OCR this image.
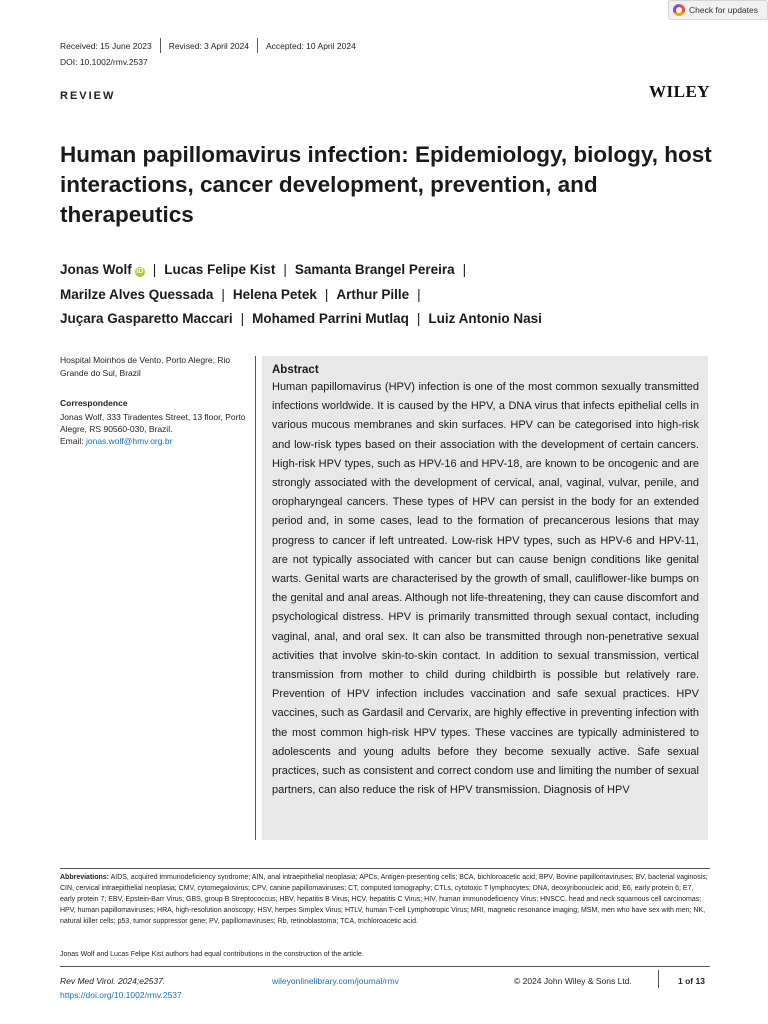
Check for updates
Received: 15 June 2023 Revised: 3 April 2024 Accepted: 10 April 2024
DOI: 10.1002/rmv.2537
REVIEW	WILEY
Human papillomavirus infection: Epidemiology, biology, host interactions, cancer development, prevention, and therapeutics
Jonas Wolf iD | Lucas Felipe Kist | Samanta Brangel Pereira |
Marilze Alves Quessada | Helena Petek | Arthur Pille |
Juçara Gasparetto Maccari | Mohamed Parrini Mutlaq | Luiz Antonio Nasi
Hospital Moinhos de Vento, Porto Alegre, Rio Grande do Sul, Brazil
Correspondence
Jonas Wolf, 333 Tiradentes Street, 13 floor, Porto Alegre, RS 90560-030, Brazil.
Email: jonas.wolf@hmv.org.br
Abstract
Human papillomavirus (HPV) infection is one of the most common sexually transmitted infections worldwide. It is caused by the HPV, a DNA virus that infects epithelial cells in various mucous membranes and skin surfaces. HPV can be categorised into high-risk and low-risk types based on their association with the development of certain cancers. High-risk HPV types, such as HPV-16 and HPV-18, are known to be oncogenic and are strongly associated with the development of cervical, anal, vaginal, vulvar, penile, and oropharyngeal cancers. These types of HPV can persist in the body for an extended period and, in some cases, lead to the formation of precancerous lesions that may progress to cancer if left untreated. Low-risk HPV types, such as HPV-6 and HPV-11, are not typically associated with cancer but can cause benign conditions like genital warts. Genital warts are characterised by the growth of small, cauliflower-like bumps on the genital and anal areas. Although not life-threatening, they can cause discomfort and psychological distress. HPV is primarily transmitted through sexual contact, including vaginal, anal, and oral sex. It can also be transmitted through non-penetrative sexual activities that involve skin-to-skin contact. In addition to sexual transmission, vertical transmission from mother to child during childbirth is possible but relatively rare. Prevention of HPV infection includes vaccination and safe sexual practices. HPV vaccines, such as Gardasil and Cervarix, are highly effective in preventing infection with the most common high-risk HPV types. These vaccines are typically administered to adolescents and young adults before they become sexually active. Safe sexual practices, such as consistent and correct condom use and limiting the number of sexual partners, can also reduce the risk of HPV transmission. Diagnosis of HPV
Abbreviations: AIDS, acquired immunodeficiency syndrome; AIN, anal intraepithelial neoplasia; APCs, Antigen-presenting cells; BCA, bichloroacetic acid; BPV, Bovine papillomaviruses; BV, bacterial vaginosis; CIN, cervical intraepithelial neoplasia; CMV, cytomegalovirus; CPV, canine papillomaviruses; CT, computed tomography; CTLs, cytotoxic T lymphocytes; DNA, deoxyribonucleic acid; E6, early protein 6; E7, early protein 7; EBV, Epstein-Barr Virus; GBS, group B Streptococcus; HBV, hepatitis B Virus; HCV, hepatitis C Virus; HIV, human immunodeficiency Virus; HNSCC, head and neck squamous cell carcinomas; HPV, human papillomaviruses; HRA, high-resolution anoscopy; HSV, herpes Simplex Virus; HTLV, human T-cell Lymphotropic Virus; MRI, magnetic resonance imaging; MSM, men who have sex with men; NK, natural killer cells; p53, tumor suppressor gene; PV, papillomaviruses; Rb, retinoblastoma; TCA, trichloroacetic acid.
Jonas Wolf and Lucas Felipe Kist authors had equal contributions in the construction of the article.
Rev Med Virol. 2024;e2537.
https://doi.org/10.1002/rmv.2537
wileyonlinelibrary.com/journal/rmv	© 2024 John Wiley & Sons Ltd.	1 of 13
